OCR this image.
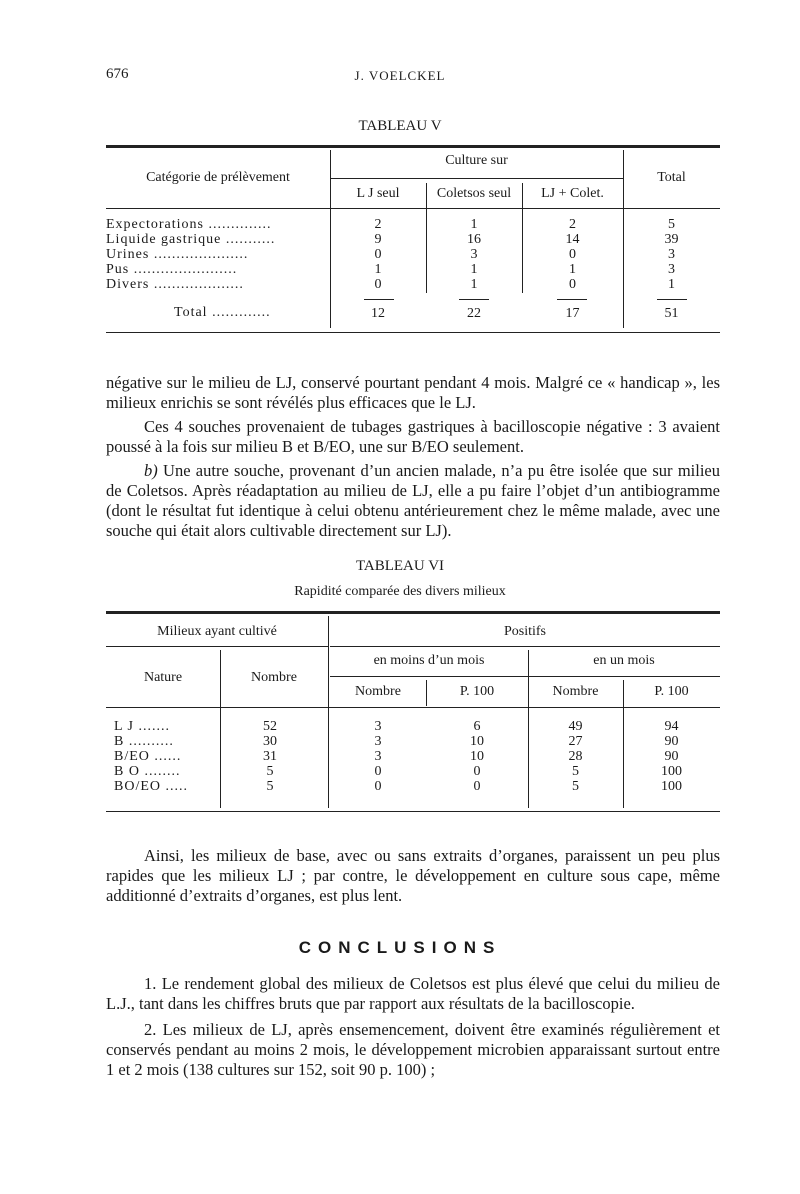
676	J. VOELCKEL
TABLEAU V
Catégorie de prélèvement
Culture sur
L J seul	Coletsos seul	LJ + Colet.
Total
Expectorations ..............	2	1	2	5
Liquide gastrique ...........	9	16	14	39
Urines .....................	0	3	0	3
Pus .......................	1	1	1	3
Divers ....................	0	1	0	1
Total .............	12	22	17	51

négative sur le milieu de LJ, conservé pourtant pendant 4 mois. Malgré ce « handicap », les milieux enrichis se sont révélés plus efficaces que le LJ.

Ces 4 souches provenaient de tubages gastriques à bacilloscopie négative : 3 avaient poussé à la fois sur milieu B et B/EO, une sur B/EO seulement.

b) Une autre souche, provenant d’un ancien malade, n’a pu être isolée que sur milieu de Coletsos. Après réadaptation au milieu de LJ, elle a pu faire l’objet d’un antibiogramme (dont le résultat fut identique à celui obtenu antérieurement chez le même malade, avec une souche qui était alors cultivable directement sur LJ).

TABLEAU VI
Rapidité comparée des divers milieux
Milieux ayant cultivé	Positifs
Nature	Nombre
en moins d’un mois	en un mois
Nombre	P. 100	Nombre	P. 100
L J .......	52	3	6	49	94
B ..........	30	3	10	27	90
B/EO ......	31	3	10	28	90
B O ........	5	0	0	5	100
BO/EO .....	5	0	0	5	100

Ainsi, les milieux de base, avec ou sans extraits d’organes, paraissent un peu plus rapides que les milieux LJ ; par contre, le développement en culture sous cape, même additionné d’extraits d’organes, est plus lent.

CONCLUSIONS

1. Le rendement global des milieux de Coletsos est plus élevé que celui du milieu de L.J., tant dans les chiffres bruts que par rapport aux résultats de la bacilloscopie.

2. Les milieux de LJ, après ensemencement, doivent être examinés régulièrement et conservés pendant au moins 2 mois, le développement microbien apparaissant surtout entre 1 et 2 mois (138 cultures sur 152, soit 90 p. 100) ;
